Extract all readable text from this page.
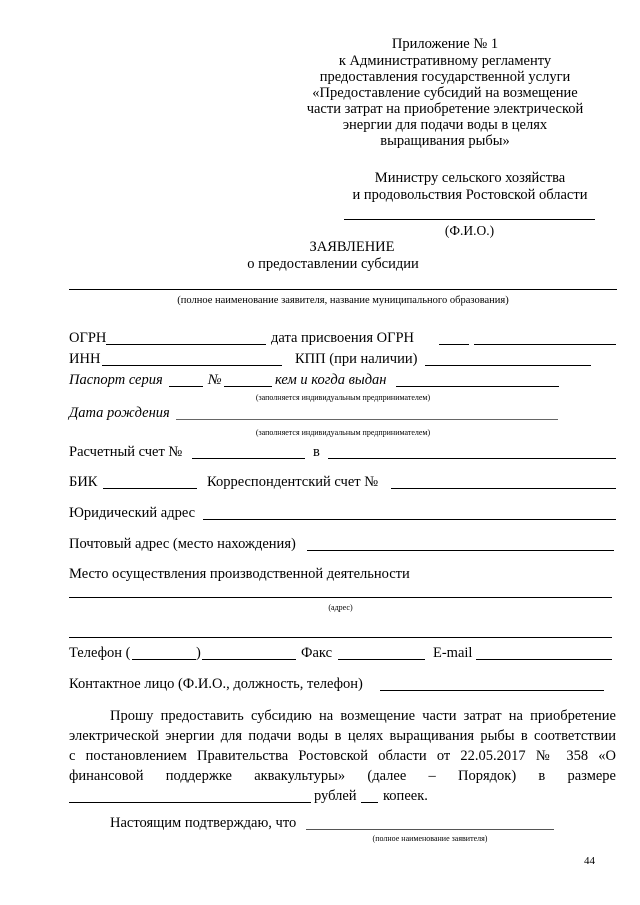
Приложение № 1
к Административному регламенту
предоставления государственной услуги
«Предоставление субсидий на возмещение
части затрат на приобретение электрической
энергии для подачи воды в целях
выращивания рыбы»
Министру сельского хозяйства
и продовольствия Ростовской области
(Ф.И.О.)
ЗАЯВЛЕНИЕ
о предоставлении субсидии
(полное наименование заявителя, название муниципального образования)
ОГРН	дата присвоения ОГРН
ИНН	КПП (при наличии)
Паспорт серия	№	кем и когда выдан
(заполняется индивидуальным предпринимателем)
Дата рождения
(заполняется индивидуальным предпринимателем)
Расчетный счет №	в
БИК	Корреспондентский счет №
Юридический адрес
Почтовый адрес (место нахождения)
Место осуществления производственной деятельности
(адрес)
Телефон (	)	Факс	E-mail
Контактное лицо (Ф.И.О., должность, телефон)
Прошу предоставить субсидию на возмещение части затрат на приобретение
электрической энергии для подачи воды в целях выращивания рыбы в соответствии
с постановлением Правительства Ростовской области от 22.05.2017 № 358 «О
финансовой поддержке аквакультуры» (далее – Порядок) в размере
рублей копеек.
Настоящим подтверждаю, что
(полное наименование заявителя)
44
